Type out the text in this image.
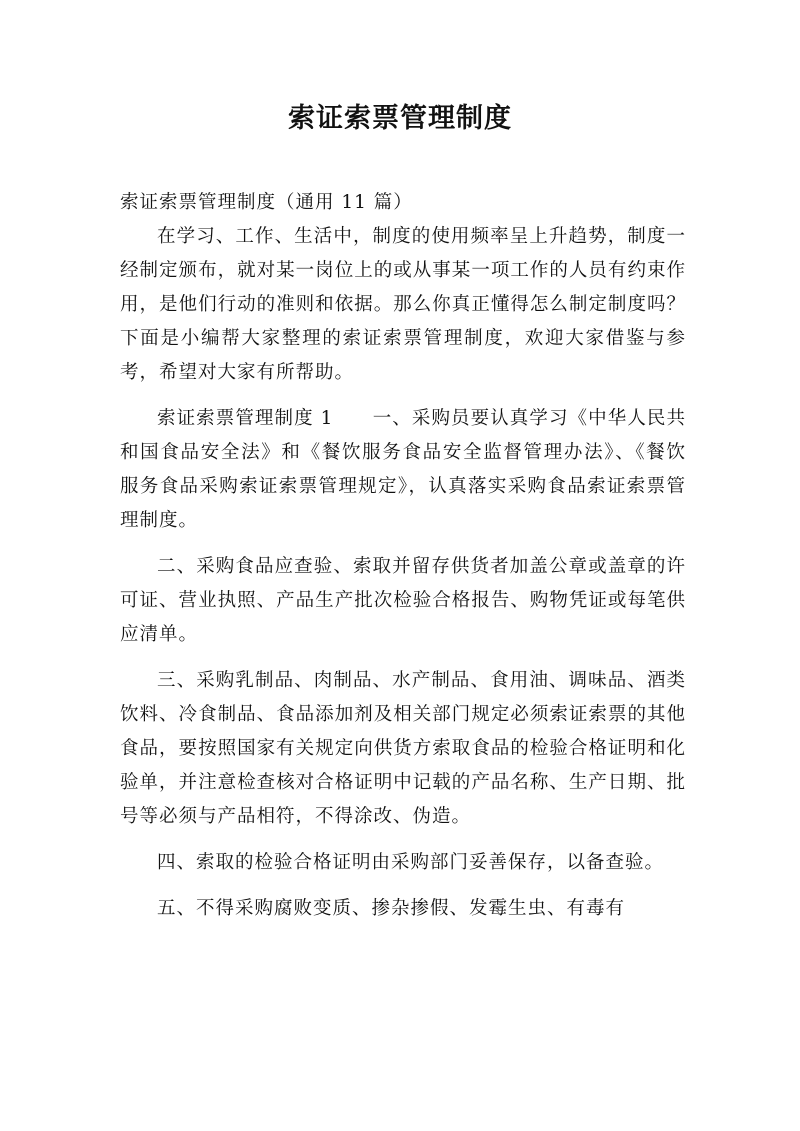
索证索票管理制度

索证索票管理制度（通用 11 篇）

在学习、工作、生活中，制度的使用频率呈上升趋势，制度一经制定颁布，就对某一岗位上的或从事某一项工作的人员有约束作用，是他们行动的准则和依据。那么你真正懂得怎么制定制度吗？下面是小编帮大家整理的索证索票管理制度，欢迎大家借鉴与参考，希望对大家有所帮助。

索证索票管理制度 1　　一、采购员要认真学习《中华人民共和国食品安全法》和《餐饮服务食品安全监督管理办法》、《餐饮服务食品采购索证索票管理规定》，认真落实采购食品索证索票管理制度。

二、采购食品应查验、索取并留存供货者加盖公章或盖章的许可证、营业执照、产品生产批次检验合格报告、购物凭证或每笔供应清单。

三、采购乳制品、肉制品、水产制品、食用油、调味品、酒类饮料、冷食制品、食品添加剂及相关部门规定必须索证索票的其他食品，要按照国家有关规定向供货方索取食品的检验合格证明和化验单，并注意检查核对合格证明中记载的产品名称、生产日期、批号等必须与产品相符，不得涂改、伪造。

四、索取的检验合格证明由采购部门妥善保存，以备查验。

五、不得采购腐败变质、掺杂掺假、发霉生虫、有毒有
